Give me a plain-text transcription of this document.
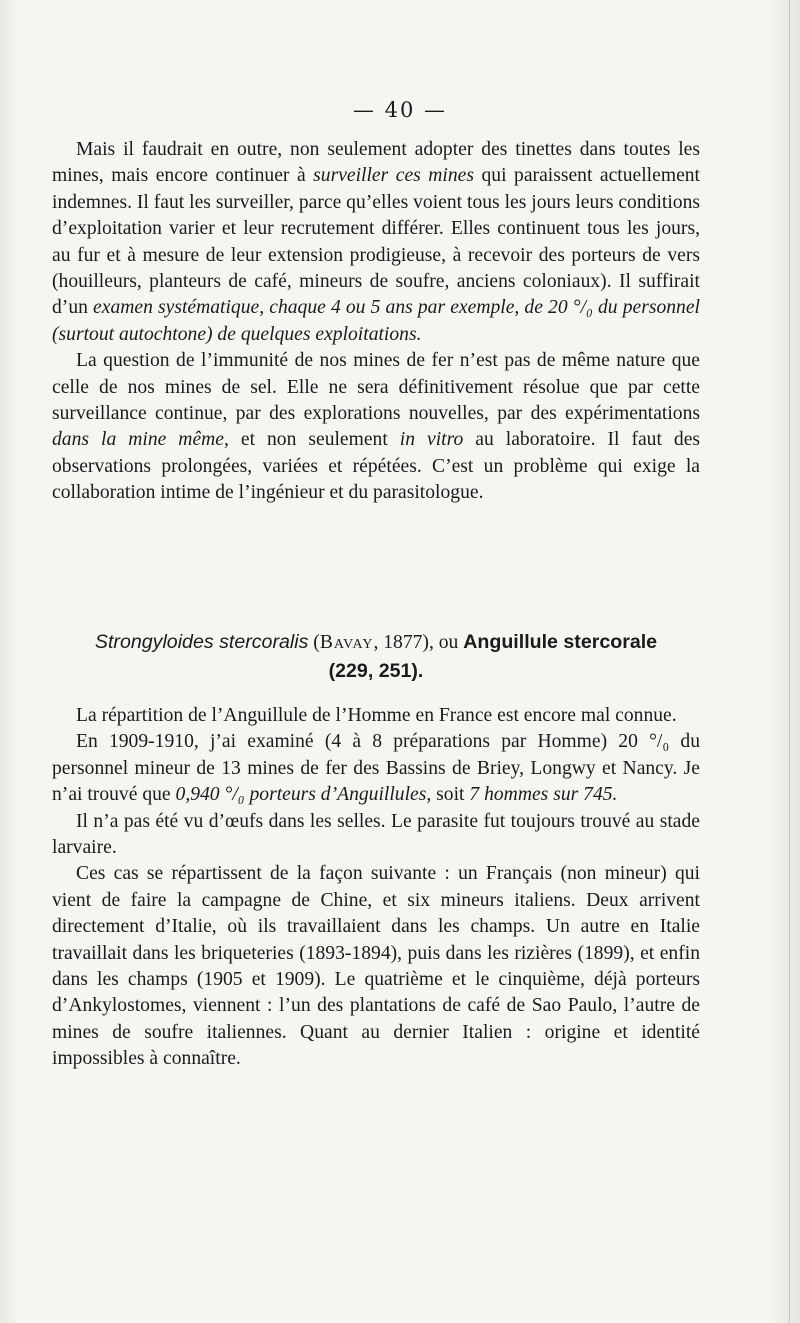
— 40 —

Mais il faudrait en outre, non seulement adopter des tinettes dans toutes les mines, mais encore continuer à surveiller ces mines qui paraissent actuellement indemnes. Il faut les surveiller, parce qu’elles voient tous les jours leurs conditions d’exploitation varier et leur recrutement différer. Elles continuent tous les jours, au fur et à mesure de leur extension prodigieuse, à recevoir des porteurs de vers (houilleurs, planteurs de café, mineurs de soufre, anciens coloniaux). Il suffirait d’un examen systématique, chaque 4 ou 5 ans par exemple, de 20 °/₀ du personnel (surtout autochtone) de quelques exploitations.

La question de l’immunité de nos mines de fer n’est pas de même nature que celle de nos mines de sel. Elle ne sera définitivement résolue que par cette surveillance continue, par des explorations nouvelles, par des expérimentations dans la mine même, et non seulement in vitro au laboratoire. Il faut des observations prolongées, variées et répétées. C’est un problème qui exige la collaboration intime de l’ingénieur et du parasitologue.

Strongyloides stercoralis (Bavay, 1877), ou Anguillule stercorale
(229, 251).

La répartition de l’Anguillule de l’Homme en France est encore mal connue.

En 1909-1910, j’ai examiné (4 à 8 préparations par Homme) 20 °/₀ du personnel mineur de 13 mines de fer des Bassins de Briey, Longwy et Nancy. Je n’ai trouvé que 0,940 °/₀ porteurs d’Anguillules, soit 7 hommes sur 745.

Il n’a pas été vu d’œufs dans les selles. Le parasite fut toujours trouvé au stade larvaire.

Ces cas se répartissent de la façon suivante : un Français (non mineur) qui vient de faire la campagne de Chine, et six mineurs italiens. Deux arrivent directement d’Italie, où ils travaillaient dans les champs. Un autre en Italie travaillait dans les briqueteries (1893-1894), puis dans les rizières (1899), et enfin dans les champs (1905 et 1909). Le quatrième et le cinquième, déjà porteurs d’Ankylostomes, viennent : l’un des plantations de café de Sao Paulo, l’autre de mines de soufre italiennes. Quant au dernier Italien : origine et identité impossibles à connaître.
